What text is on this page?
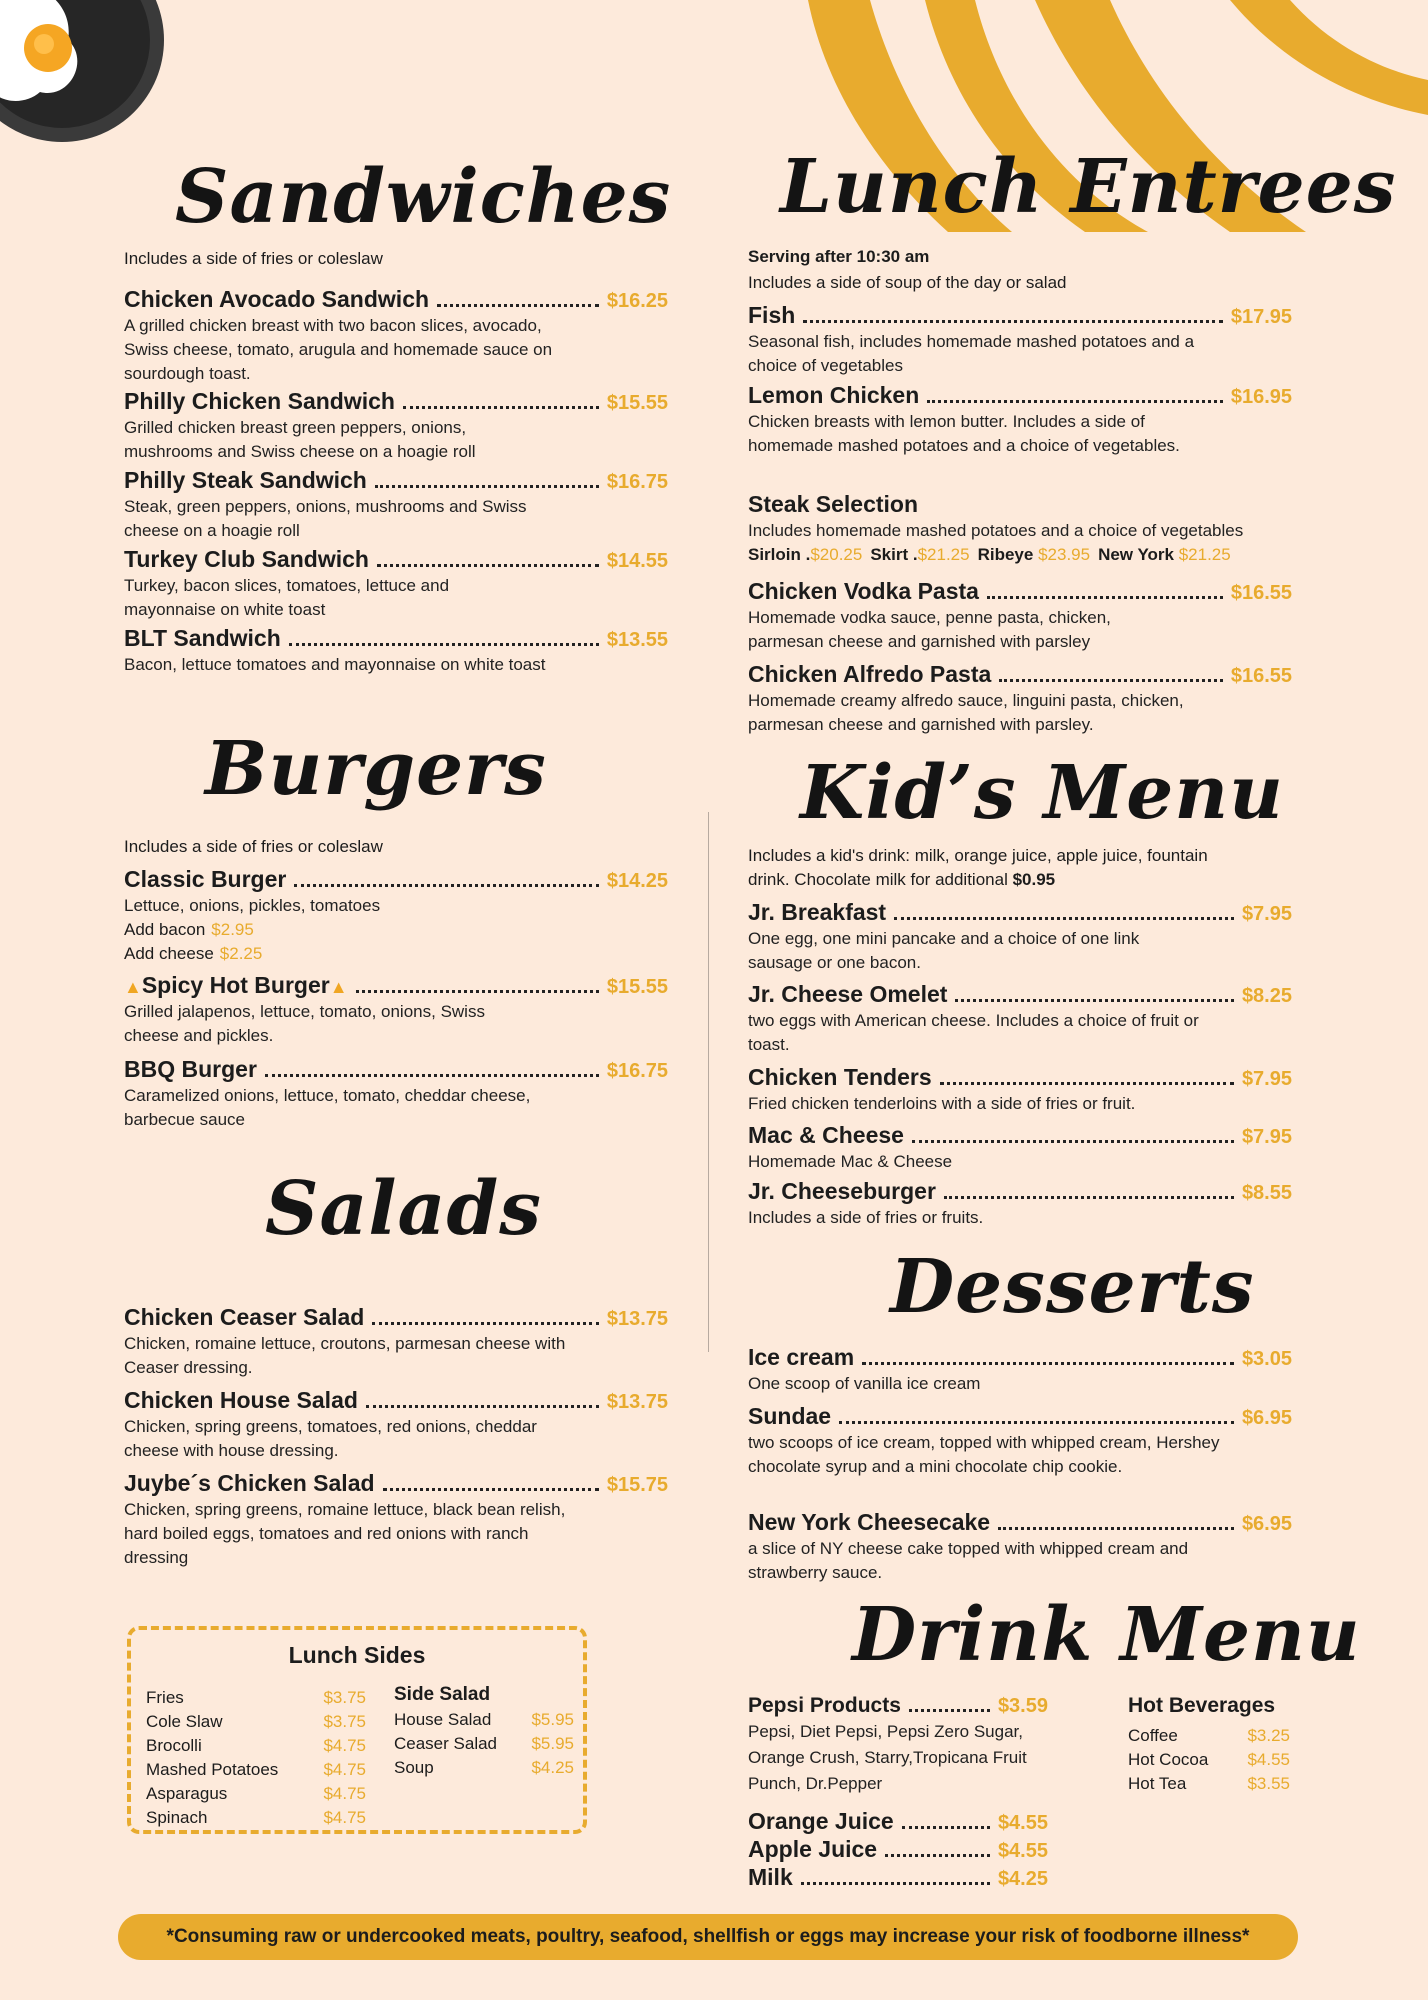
Sandwiches
Includes a side of fries or coleslaw
Chicken Avocado Sandwich	$16.25
A grilled chicken breast with two bacon slices, avocado, Swiss cheese, tomato, arugula and homemade sauce on sourdough toast.
Philly Chicken Sandwich	$15.55
Grilled chicken breast green peppers, onions, mushrooms and Swiss cheese on a hoagie roll
Philly Steak Sandwich	$16.75
Steak, green peppers, onions, mushrooms and Swiss cheese on a hoagie roll
Turkey Club Sandwich	$14.55
Turkey, bacon slices, tomatoes, lettuce and mayonnaise on white toast
BLT Sandwich	$13.55
Bacon, lettuce tomatoes and mayonnaise on white toast
Burgers
Includes a side of fries or coleslaw
Classic Burger	$14.25
Lettuce, onions, pickles, tomatoes
Add bacon $2.95
Add cheese $2.25
▲ Spicy Hot Burger ▲	$15.55
Grilled jalapenos, lettuce, tomato, onions, Swiss cheese and pickles.
BBQ Burger	$16.75
Caramelized onions, lettuce, tomato, cheddar cheese, barbecue sauce
Salads
Chicken Ceaser Salad	$13.75
Chicken, romaine lettuce, croutons, parmesan cheese with Ceaser dressing.
Chicken House Salad	$13.75
Chicken, spring greens, tomatoes, red onions, cheddar cheese with house dressing.
Juybe´s Chicken Salad	$15.75
Chicken, spring greens, romaine lettuce, black bean relish, hard boiled eggs, tomatoes and red onions with ranch dressing
Lunch Sides
Fries	$3.75
Cole Slaw	$3.75
Brocolli	$4.75
Mashed Potatoes	$4.75
Asparagus	$4.75
Spinach	$4.75
Side Salad
House Salad $5.95
Ceaser Salad $5.95
Soup	$4.25
Lunch Entrees
Serving after 10:30 am
Includes a side of soup of the day or salad
Fish	$17.95
Seasonal fish, includes homemade mashed potatoes and a choice of vegetables
Lemon Chicken	$16.95
Chicken breasts with lemon butter. Includes a side of homemade mashed potatoes and a choice of vegetables.
Steak Selection
Includes homemade mashed potatoes and a choice of vegetables
Sirloin .$20.25 Skirt .$21.25 Ribeye $23.95 New York $21.25
Chicken Vodka Pasta	$16.55
Homemade vodka sauce, penne pasta, chicken, parmesan cheese and garnished with parsley
Chicken Alfredo Pasta	$16.55
Homemade creamy alfredo sauce, linguini pasta, chicken, parmesan cheese and garnished with parsley.
Kid’s Menu
Includes a kid's drink: milk, orange juice, apple juice, fountain drink. Chocolate milk for additional $0.95
Jr. Breakfast	$7.95
One egg, one mini pancake and a choice of one link sausage or one bacon.
Jr. Cheese Omelet	$8.25
two eggs with American cheese. Includes a choice of fruit or toast.
Chicken Tenders	$7.95
Fried chicken tenderloins with a side of fries or fruit.
Mac & Cheese	$7.95
Homemade Mac & Cheese
Jr. Cheeseburger	$8.55
Includes a side of fries or fruits.
Desserts
Ice cream	$3.05
One scoop of vanilla ice cream
Sundae	$6.95
two scoops of ice cream, topped with whipped cream, Hershey chocolate syrup and a mini chocolate chip cookie.
New York Cheesecake	$6.95
a slice of NY cheese cake topped with whipped cream and strawberry sauce.
Drink Menu
Pepsi Products	$3.59
Pepsi, Diet Pepsi, Pepsi Zero Sugar, Orange Crush, Starry,Tropicana Fruit Punch, Dr.Pepper
Orange Juice	$4.55
Apple Juice	$4.55
Milk	$4.25
Hot Beverages
Coffee	$3.25
Hot Cocoa $4.55
Hot Tea	$3.55
*Consuming raw or undercooked meats, poultry, seafood, shellfish or eggs may increase your risk of foodborne illness*
